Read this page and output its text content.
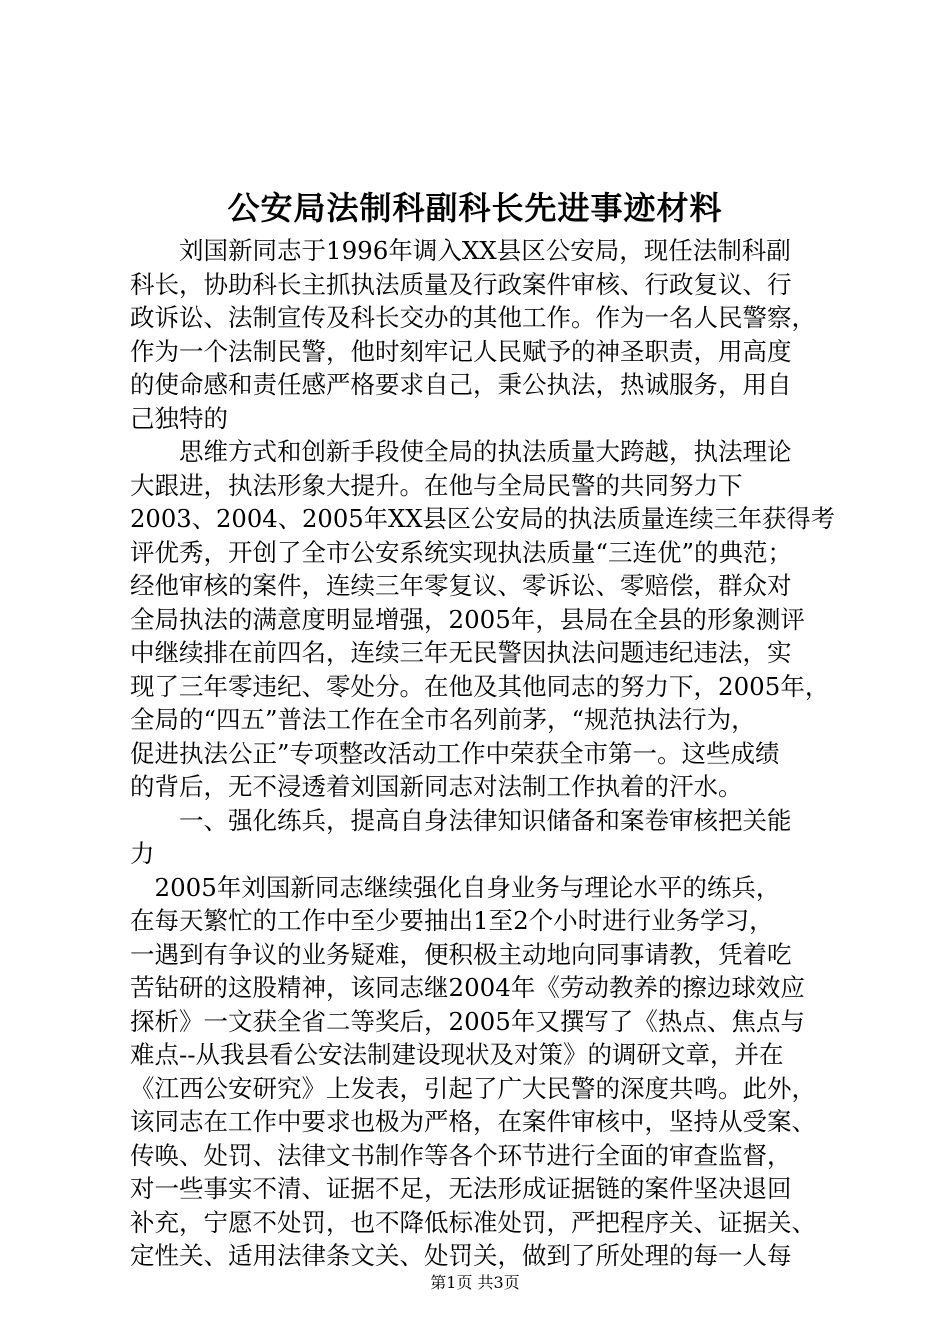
公安局法制科副科长先进事迹材料
　　刘国新同志于1996年调入XX县区公安局，现任法制科副
科长，协助科长主抓执法质量及行政案件审核、行政复议、行
政诉讼、法制宣传及科长交办的其他工作。作为一名人民警察，
作为一个法制民警，他时刻牢记人民赋予的神圣职责，用高度
的使命感和责任感严格要求自己，秉公执法，热诚服务，用自
己独特的
　　思维方式和创新手段使全局的执法质量大跨越，执法理论
大跟进，执法形象大提升。在他与全局民警的共同努力下
2003、2004、2005年XX县区公安局的执法质量连续三年获得考
评优秀，开创了全市公安系统实现执法质量“三连优”的典范；
经他审核的案件，连续三年零复议、零诉讼、零赔偿，群众对
全局执法的满意度明显增强，2005年，县局在全县的形象测评
中继续排在前四名，连续三年无民警因执法问题违纪违法，实
现了三年零违纪、零处分。在他及其他同志的努力下，2005年，
全局的“四五”普法工作在全市名列前茅，“规范执法行为，
促进执法公正”专项整改活动工作中荣获全市第一。这些成绩
的背后，无不浸透着刘国新同志对法制工作执着的汗水。
　　一、强化练兵，提高自身法律知识储备和案卷审核把关能
力
　2005年刘国新同志继续强化自身业务与理论水平的练兵，
在每天繁忙的工作中至少要抽出1至2个小时进行业务学习，
一遇到有争议的业务疑难，便积极主动地向同事请教，凭着吃
苦钻研的这股精神，该同志继2004年《劳动教养的擦边球效应
探析》一文获全省二等奖后，2005年又撰写了《热点、焦点与
难点--从我县看公安法制建设现状及对策》的调研文章，并在
《江西公安研究》上发表，引起了广大民警的深度共鸣。此外，
该同志在工作中要求也极为严格，在案件审核中，坚持从受案、
传唤、处罚、法律文书制作等各个环节进行全面的审查监督，
对一些事实不清、证据不足，无法形成证据链的案件坚决退回
补充，宁愿不处罚，也不降低标准处罚，严把程序关、证据关、
定性关、适用法律条文关、处罚关，做到了所处理的每一人每
第1页 共3页
